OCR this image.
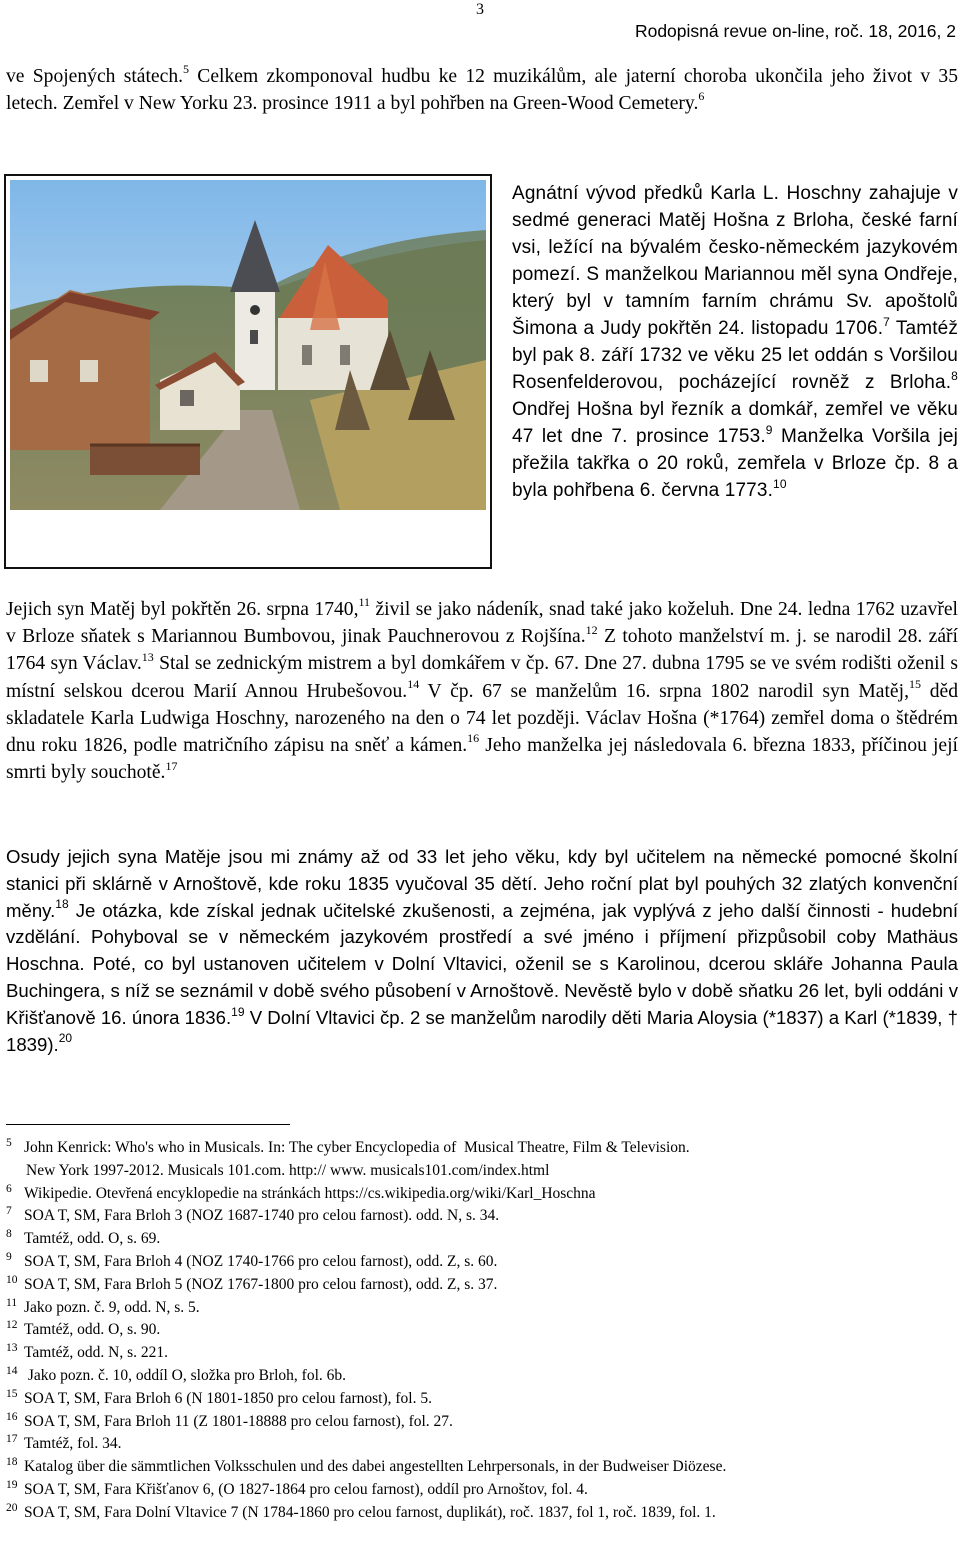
3
Rodopisná revue on-line, roč. 18, 2016, 2

ve Spojených státech.$^5$ Celkem zkomponoval hudbu ke 12 muzikálům, ale jaterní choroba ukončila jeho život v 35 letech. Zemřel v New Yorku 23. prosince 1911 a byl pohřben na Green-Wood Cemetery.$^6$

Agnátní vývod předků Karla L. Hoschny zahajuje v sedmé generaci Matěj Hošna z Brloha, české farní vsi, ležící na bývalém česko-německém jazykovém pomezí. S manželkou Mariannou měl syna Ondřeje, který byl v tamním farním chrámu Sv. apoštolů Šimona a Judy pokřtěn 24. listopadu 1706.$^7$ Tamtéž byl pak 8. září 1732 ve věku 25 let oddán s Voršilou Rosenfelderovou, pocházející rovněž z Brloha.$^8$ Ondřej Hošna byl řezník a domkář, zemřel ve věku 47 let dne 7. prosince 1753.$^9$ Manželka Voršila jej přežila takřka o 20 roků, zemřela v Brloze čp. 8 a byla pohřbena 6. června 1773.10

Jejich syn Matěj byl pokřtěn 26. srpna 1740,11 živil se jako nádeník, snad také jako koželuh. Dne 24. ledna 1762 uzavřel v Brloze sňatek s Mariannou Bumbovou, jinak Pauchnerovou z Rojšína.$^{12}$ Z tohoto manželství m. j. se narodil 28. září 1764 syn Václav.$^{13}$ Stal se zednickým mistrem a byl domkářem v čp. 67. Dne 27. dubna 1795 se ve svém rodišti oženil s místní selskou dcerou Marií Annou Hrubešovou.$^{14}$ V čp. 67 se manželům 16. srpna 1802 narodil syn Matěj,$^{15}$ děd skladatele Karla Ludwiga Hoschny, narozeného na den o 74 let později. Václav Hošna (*1764) zemřel doma o štědrém dnu roku 1826, podle matričního zápisu na sněť a kámen.$^{16}$ Jeho manželka jej následovala 6. března 1833, příčinou její smrti byly souchotě.$^{17}$

Osudy jejich syna Matěje jsou mi známy až od 33 let jeho věku, kdy byl učitelem na německé pomocné školní stanici při sklárně v Arnoštově, kde roku 1835 vyučoval 35 dětí. Jeho roční plat byl pouhých 32 zlatých konvenční měny.$^{18}$ Je otázka, kde získal jednak učitelské zkušenosti, a zejména, jak vyplývá z jeho další činnosti - hudební vzdělání. Pohyboval se v německém jazykovém prostředí a své jméno i příjmení přizpůsobil coby Mathäus Hoschna. Poté, co byl ustanoven učitelem v Dolní Vltavici, oženil se s Karolinou, dcerou skláře Johanna Paula Buchingera, s níž se seznámil v době svého působení v Arnoštově. Nevěstě bylo v době sňatku 26 let, byli oddáni v Křišťanově 16. února 1836.19 V Dolní Vltavici čp. 2 se manželům narodily děti Maria Aloysia (*1837) a Karl (*1839, † 1839).$^{20}$

5 John Kenrick: Who's who in Musicals. In: The cyber Encyclopedia of  Musical Theatre, Film & Television.
New York 1997-2012. Musicals 101.com. http:// www. musicals101.com/index.html
6 Wikipedie. Otevřená encyklopedie na stránkách https://cs.wikipedia.org/wiki/Karl_Hoschna
7 SOA T, SM, Fara Brloh 3 (NOZ 1687-1740 pro celou farnost). odd. N, s. 34.
8 Tamtéž, odd. O, s. 69.
9 SOA T, SM, Fara Brloh 4 (NOZ 1740-1766 pro celou farnost), odd. Z, s. 60.
10 SOA T, SM, Fara Brloh 5 (NOZ 1767-1800 pro celou farnost), odd. Z, s. 37.
11 Jako pozn. č. 9, odd. N, s. 5.
12 Tamtéž, odd. O, s. 90.
13 Tamtéž, odd. N, s. 221.
14 Jako pozn. č. 10, oddíl O, složka pro Brloh, fol. 6b.
15 SOA T, SM, Fara Brloh 6 (N 1801-1850 pro celou farnost), fol. 5.
16 SOA T, SM, Fara Brloh 11 (Z 1801-18888 pro celou farnost), fol. 27.
17 Tamtéž, fol. 34.
18 Katalog über die sämmtlichen Volksschulen und des dabei angestellten Lehrpersonals, in der Budweiser Diözese.
19 SOA T, SM, Fara Křišťanov 6, (O 1827-1864 pro celou farnost), oddíl pro Arnoštov, fol. 4.
20 SOA T, SM, Fara Dolní Vltavice 7 (N 1784-1860 pro celou farnost, duplikát), roč. 1837, fol 1, roč. 1839, fol. 1.
